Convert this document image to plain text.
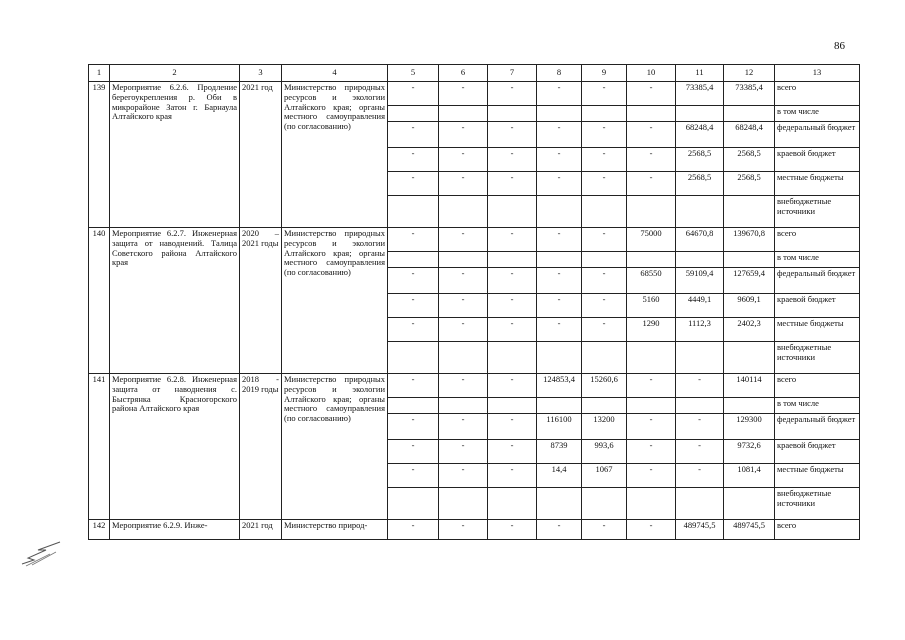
86
1	2	3	4	5	6	7	8	9	10	11	12	13
139	Мероприятие 6.2.6. Продление берегоукрепления р. Оби в микрорайоне Затон г. Барнаула Алтайского края	2021 год	Министерство природных ресурсов и экологии Алтайского края; органы местного самоуправления (по согласованию)	-	-	-	-	-	-	73385,4	73385,4	всего
												в том числе
				-	-	-	-	-	-	68248,4	68248,4	федеральный бюджет
				-	-	-	-	-	-	2568,5	2568,5	краевой бюджет
				-	-	-	-	-	-	2568,5	2568,5	местные бюджеты
												внебюджетные источники
140	Мероприятие 6.2.7. Инженерная защита от наводнений. Талица Советского района Алтайского края	2020 – 2021 годы	Министерство природных ресурсов и экологии Алтайского края; органы местного самоуправления (по согласованию)	-	-	-	-	-	75000	64670,8	139670,8	всего
												в том числе
				-	-	-	-	-	68550	59109,4	127659,4	федеральный бюджет
				-	-	-	-	-	5160	4449,1	9609,1	краевой бюджет
				-	-	-	-	-	1290	1112,3	2402,3	местные бюджеты
												внебюджетные источники
141	Мероприятие 6.2.8. Инженерная защита от наводнения с. Быстрянка Красногорского района Алтайского края	2018 - 2019 годы	Министерство природных ресурсов и экологии Алтайского края; органы местного самоуправления (по согласованию)	-	-	-	124853,4	15260,6	-	-	140114	всего
												в том числе
				-	-	-	116100	13200	-	-	129300	федеральный бюджет
				-	-	-	8739	993,6	-	-	9732,6	краевой бюджет
				-	-	-	14,4	1067	-	-	1081,4	местные бюджеты
												внебюджетные источники
142	Мероприятие 6.2.9. Инже-	2021 год	Министерство природ-	-	-	-	-	-	-	489745,5	489745,5	всего
